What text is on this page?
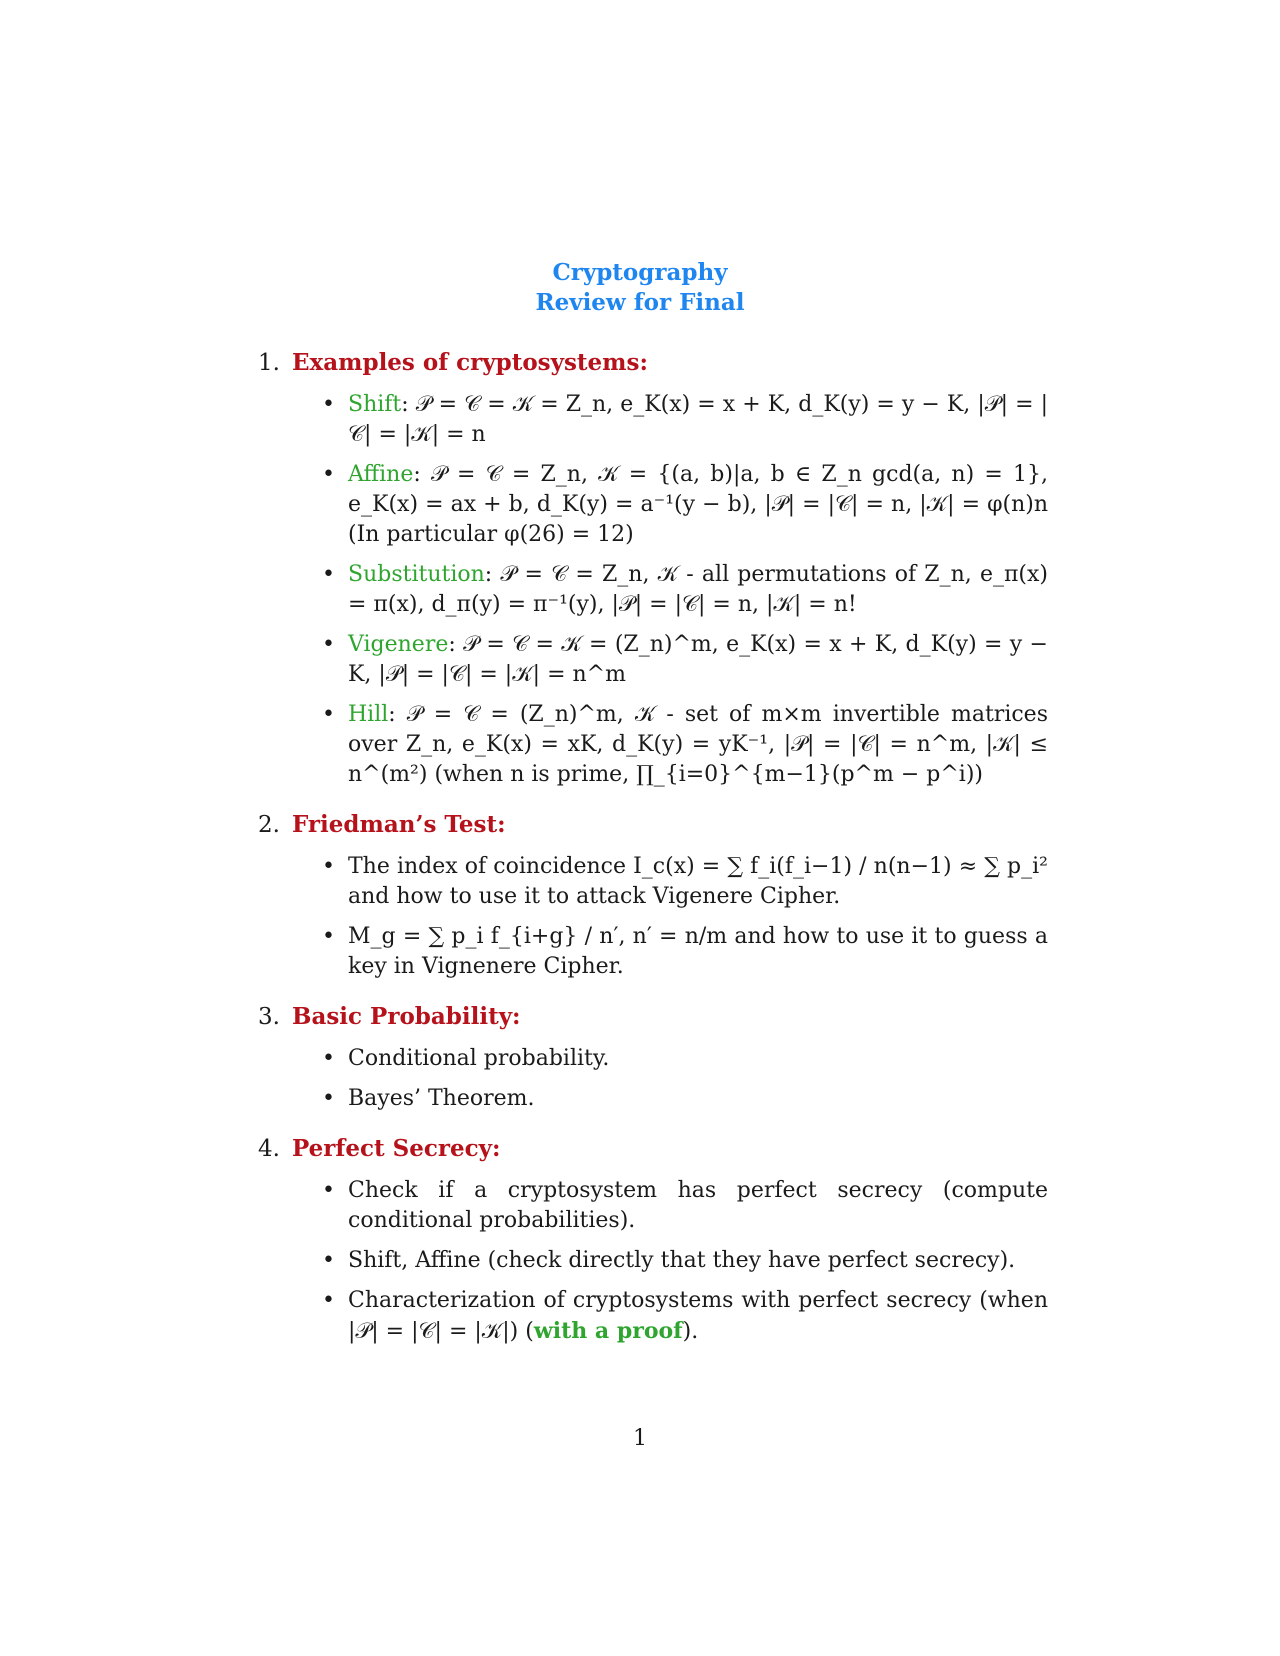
Cryptography
Review for Final
1. Examples of cryptosystems:
• Shift: 𝒫 = 𝒞 = 𝒦 = Z_n, e_K(x) = x + K, d_K(y) = y − K, |𝒫| = |𝒞| = |𝒦| = n
• Affine: 𝒫 = 𝒞 = Z_n, 𝒦 = {(a, b)|a, b ∈ Z_n gcd(a, n) = 1}, e_K(x) = ax + b, d_K(y) = a⁻¹(y − b), |𝒫| = |𝒞| = n, |𝒦| = φ(n)n (In particular φ(26) = 12)
• Substitution: 𝒫 = 𝒞 = Z_n, 𝒦 - all permutations of Z_n, e_π(x) = π(x), d_π(y) = π⁻¹(y), |𝒫| = |𝒞| = n, |𝒦| = n!
• Vigenere: 𝒫 = 𝒞 = 𝒦 = (Z_n)^m, e_K(x) = x + K, d_K(y) = y − K, |𝒫| = |𝒞| = |𝒦| = n^m
• Hill: 𝒫 = 𝒞 = (Z_n)^m, 𝒦 - set of m×m invertible matrices over Z_n, e_K(x) = xK, d_K(y) = yK⁻¹, |𝒫| = |𝒞| = n^m, |𝒦| ≤ n^(m²) (when n is prime, ∏_{i=0}^{m−1}(p^m − p^i))
2. Friedman’s Test:
• The index of coincidence I_c(x) = ∑ f_i(f_i−1) / n(n−1) ≈ ∑ p_i² and how to use it to attack Vigenere Cipher.
• M_g = ∑ p_i f_{i+g} / n′, n′ = n/m and how to use it to guess a key in Vignenere Cipher.
3. Basic Probability:
• Conditional probability.
• Bayes’ Theorem.
4. Perfect Secrecy:
• Check if a cryptosystem has perfect secrecy (compute conditional probabilities).
• Shift, Affine (check directly that they have perfect secrecy).
• Characterization of cryptosystems with perfect secrecy (when |𝒫| = |𝒞| = |𝒦|) (with a proof).
1
